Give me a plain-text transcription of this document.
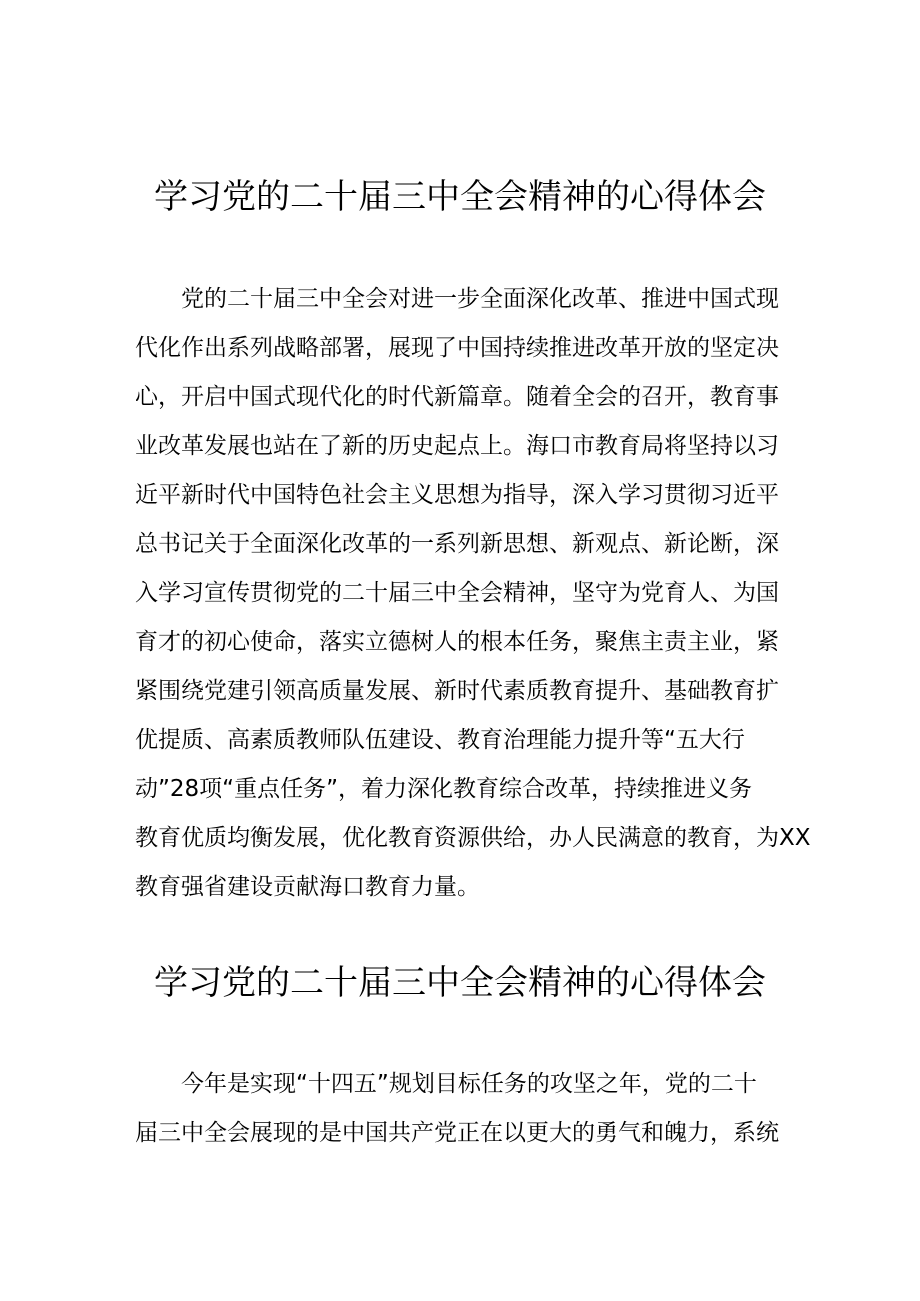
学习党的二十届三中全会精神的心得体会
党的二十届三中全会对进一步全面深化改革、推进中国式现
代化作出系列战略部署，展现了中国持续推进改革开放的坚定决
心，开启中国式现代化的时代新篇章。随着全会的召开，教育事
业改革发展也站在了新的历史起点上。海口市教育局将坚持以习
近平新时代中国特色社会主义思想为指导，深入学习贯彻习近平
总书记关于全面深化改革的一系列新思想、新观点、新论断，深
入学习宣传贯彻党的二十届三中全会精神，坚守为党育人、为国
育才的初心使命，落实立德树人的根本任务，聚焦主责主业，紧
紧围绕党建引领高质量发展、新时代素质教育提升、基础教育扩
优提质、高素质教师队伍建设、教育治理能力提升等“五大行
动”28项“重点任务”，着力深化教育综合改革，持续推进义务
教育优质均衡发展，优化教育资源供给，办人民满意的教育，为XX
教育强省建设贡献海口教育力量。
学习党的二十届三中全会精神的心得体会
今年是实现“十四五”规划目标任务的攻坚之年，党的二十
届三中全会展现的是中国共产党正在以更大的勇气和魄力，系统
